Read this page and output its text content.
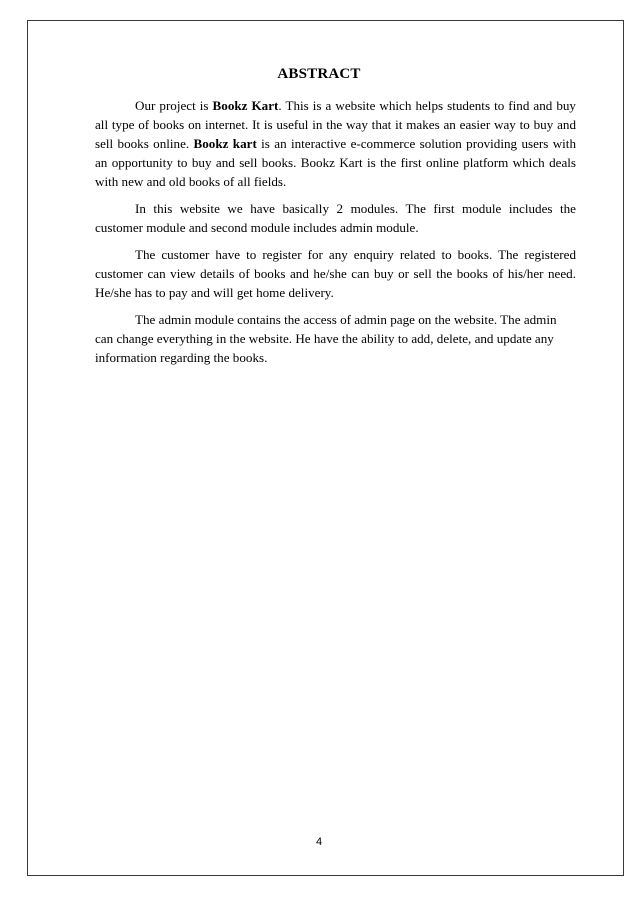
ABSTRACT

Our project is Bookz Kart. This is a website which helps students to find and buy all type of books on internet. It is useful in the way that it makes an easier way to buy and sell books online. Bookz kart is an interactive e-commerce solution providing users with an opportunity to buy and sell books. Bookz Kart is the first online platform which deals with new and old books of all fields.

In this website we have basically 2 modules. The first module includes the customer module and second module includes admin module.

The customer have to register for any enquiry related to books. The registered customer can view details of books and he/she can buy or sell the books of his/her need. He/she has to pay and will get home delivery.

The admin module contains the access of admin page on the website. The admin can change everything in the website. He have the ability to add, delete, and update any information regarding the books.

4
